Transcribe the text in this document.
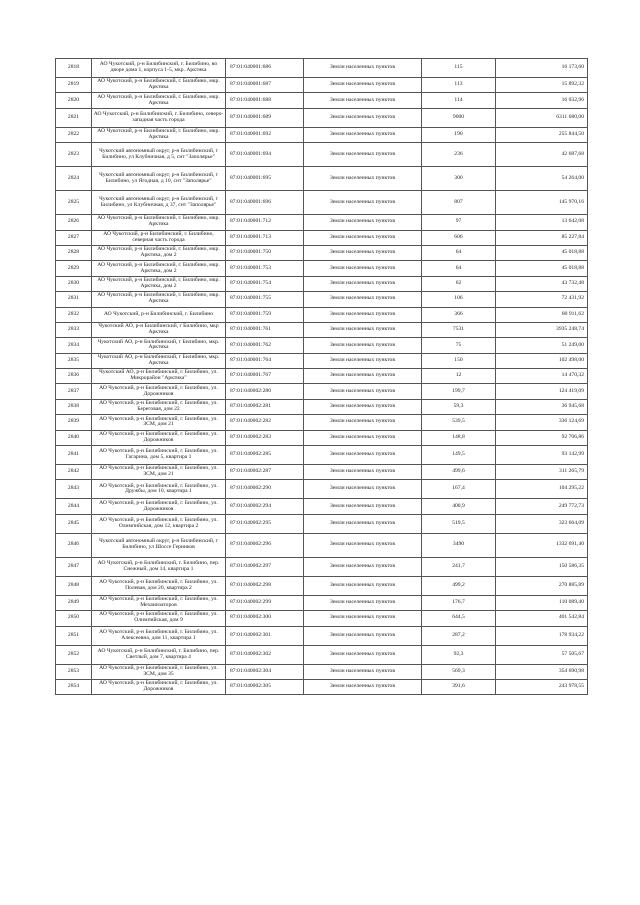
2818	АО Чукотский, р-н Билибинский, г. Билибино, во дворе домa 1, корпуса 1-5, мкр. Арктика	87:01:040001:686	Земли населенных пунктов	115	16 173,60
2819	АО Чукотский, р-н Билибинский, г. Билибино, мкр. Арктика	87:01:040001:687	Земли населенных пунктов	113	15 892,32
2820	АО Чукотский, р-н Билибинский, г. Билибино, мкр. Арктика	87:01:040001:688	Земли населенных пунктов	114	16 032,96
2821	АО Чукотский, р-н Билибинский, г. Билибино, северо-западная часть города	87:01:040001:689	Земли населенных пунктов	9000	6311 680,00
2822	АО Чукотский, р-н Билибинский, г. Билибино, мкр. Арктика	87:01:040001:692	Земли населенных пунктов	190	255 844,50
2823	Чукотский автономный округ, р-н Билибинский, г Билибино, ул Клубничная, д 5, снт "Заполярье"	87:01:040001:694	Земли населенных пунктов	236	42 687,68
2824	Чукотский автономный округ, р-н Билибинский, г Билибино, ул Ягодная, д 10, снт "Заполярье"	87:01:040001:695	Земли населенных пунктов	300	54 264,00
2825	Чукотский автономный округ, р-н Билибинский, г Билибино, ул Клубничная, д 37, снт "Заполярье"	87:01:040001:696	Земли населенных пунктов	807	145 970,16
2826	АО Чукотский, р-н Билибинский, г. Билибино, мкр. Арктика	87:01:040001:712	Земли населенных пунктов	97	13 642,08
2827	АО Чукотский, р-н Билибинский, г. Билибино, северная часть города	87:01:040001:713	Земли населенных пунктов	606	85 227,84
2828	АО Чукотский, р-н Билибинский, г. Билибино, мкр. Арктика, дом 2	87:01:040001:750	Земли населенных пунктов	64	45 018,88
2829	АО Чукотский, р-н Билибинский, г. Билибино, мкр. Арктика, дом 2	87:01:040001:753	Земли населенных пунктов	64	45 018,88
2830	АО Чукотский, р-н Билибинский, г. Билибино, мкр. Арктика, дом 2	87:01:040001:754	Земли населенных пунктов	62	43 732,48
2831	АО Чукотский, р-н Билибинский, г. Билибино, мкр. Арктика	87:01:040001:755	Земли населенных пунктов	106	72 431,92
2832	АО Чукотский, р-н Билибинский, г. Билибино	87:01:040001:759	Земли населенных пунктов	366	80 911,62
2833	Чукотский АО, р-н Билибинский, г Билибино, мкр Арктика	87:01:040001:761	Земли населенных пунктов	7531	3935 248,74
2834	Чукотский АО, р-н Билибинский, г Билибино, мкр. Арктика	87:01:040001:762	Земли населенных пунктов	75	51 249,00
2835	Чукотский АО, р-н Билибинский, г Билибино, мкр. Арктика	87:01:040001:764	Земли населенных пунктов	150	102 498,00
2836	Чукотский АО, р-н Билибинский, г. Билибино, ул. Микрорайон "Арктика"	87:01:040001:767	Земли населенных пунктов	12	14 470,32
2837	АО Чукотский, р-н Билибинский, г. Билибино, ул. Дорожников	87:01:040002:280	Земли населенных пунктов	199,7	124 419,09
2838	АО Чукотский, р-н Билибинский, г. Билибино, ул. Береговая, дом 22	87:01:040002:281	Земли населенных пунктов	59,3	36 945,68
2839	АО Чукотский, р-н Билибинский, г. Билибино, ул. ЗСМ, дом 21	87:01:040002:282	Земли населенных пунктов	539,5	336 124,69
2840	АО Чукотский, р-н Билибинский, г. Билибино, ул. Дорожников	87:01:040002:283	Земли населенных пунктов	148,8	92 706,86
2841	АО Чукотский, р-н Билибинский, г. Билибино, ул. Гагарина, дом 5, квартира 1	87:01:040002:285	Земли населенных пунктов	149,5	93 142,99
2842	АО Чукотский, р-н Билибинский, г. Билибино, ул. ЗСМ, дом 21	87:01:040002:287	Земли населенных пунктов	499,6	311 265,79
2843	АО Чукотский, р-н Билибинский, г. Билибино, ул. Дружбы, дом 10, квартира 1	87:01:040002:290	Земли населенных пунктов	167,4	104 295,22
2844	АО Чукотский, р-н Билибинский, г. Билибино, ул. Дорожников	87:01:040002:294	Земли населенных пунктов	400,9	249 772,73
2845	АО Чукотский, р-н Билибинский, г. Билибино, ул. Олимпийская, дом 12, квартира 2	87:01:040002:295	Земли населенных пунктов	519,5	323 664,09
2846	Чукотский автономный округ, р-н Билибинский, г Билибино, ул Шоссе Геринков	87:01:040002:296	Земли населенных пунктов	3490	1332 691,40
2847	АО Чукотский, р-н Билибинский, г. Билибино, пер. Снежный, дом 14, квартира 1	87:01:040002:297	Земли населенных пунктов	241,7	150 586,35
2848	АО Чукотский, р-н Билибинский, г. Билибино, ул. Полевая, дом 20, квартира 2	87:01:040002:298	Земли населенных пунктов	499,2	270 885,89
2849	АО Чукотский, р-н Билибинский, г. Билибино, ул. Механизаторов	87:01:040002:299	Земли населенных пунктов	176,7	110 089,40
2850	АО Чукотский, р-н Билибинский, г. Билибино, ул. Олимпийская, дом 9	87:01:040002:300	Земли населенных пунктов	644,5	401 542,84
2851	АО Чукотский, р-н Билибинский, г. Билибино, ул. Алексеевна, дом 11, квартира 1	87:01:040002:301	Земли населенных пунктов	287,2	178 934,22
2852	АО Чукотский, р-н Билибинский, г. Билибино, пер. Светлый, дом 7, квартира 4	87:01:040002:302	Земли населенных пунктов	92,3	57 505,67
2853	АО Чукотский, р-н Билибинский, г. Билибино, ул. ЗСМ, дом 35	87:01:040002:304	Земли населенных пунктов	569,3	354 690,98
2854	АО Чукотский, р-н Билибинский, г. Билибино, ул. Дорожников	87:01:040002:305	Земли населенных пунктов	391,6	243 978,55
